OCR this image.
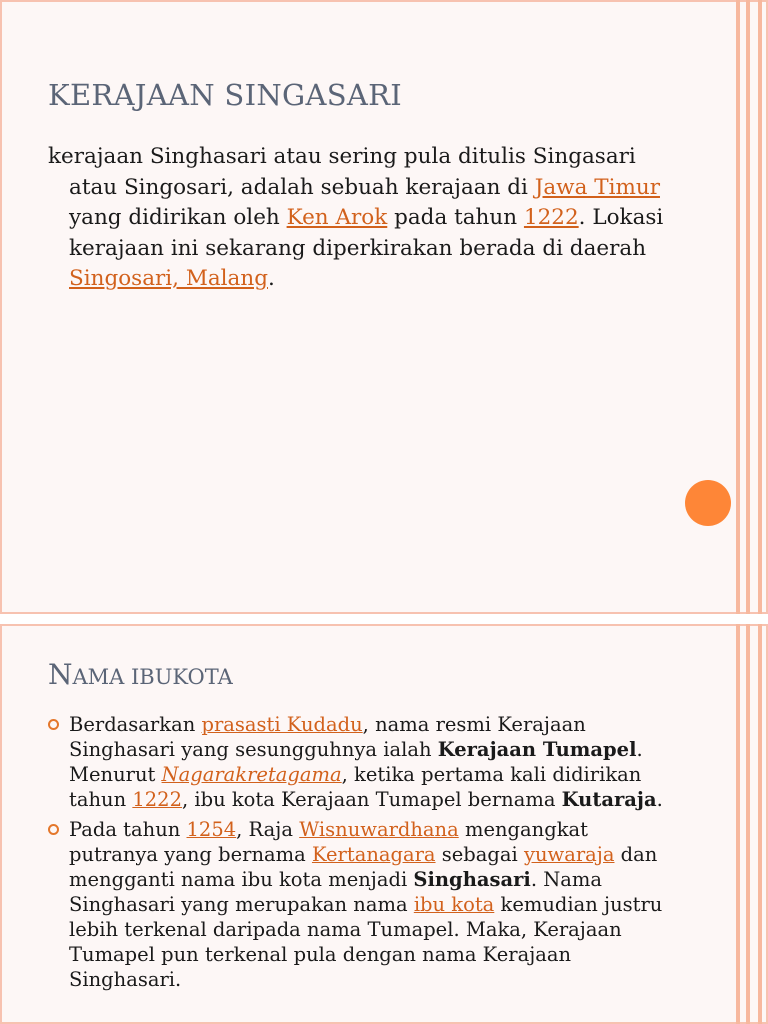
KERAJAAN SINGASARI

kerajaan Singhasari atau sering pula ditulis Singasari atau Singosari, adalah sebuah kerajaan di Jawa Timur yang didirikan oleh Ken Arok pada tahun 1222. Lokasi kerajaan ini sekarang diperkirakan berada di daerah Singosari, Malang.

NAMA IBUKOTA
Berdasarkan prasasti Kudadu, nama resmi Kerajaan Singhasari yang sesungguhnya ialah Kerajaan Tumapel. Menurut Nagarakretagama, ketika pertama kali didirikan tahun 1222, ibu kota Kerajaan Tumapel bernama Kutaraja.
Pada tahun 1254, Raja Wisnuwardhana mengangkat putranya yang bernama Kertanagara sebagai yuwaraja dan mengganti nama ibu kota menjadi Singhasari. Nama Singhasari yang merupakan nama ibu kota kemudian justru lebih terkenal daripada nama Tumapel. Maka, Kerajaan Tumapel pun terkenal pula dengan nama Kerajaan Singhasari.
